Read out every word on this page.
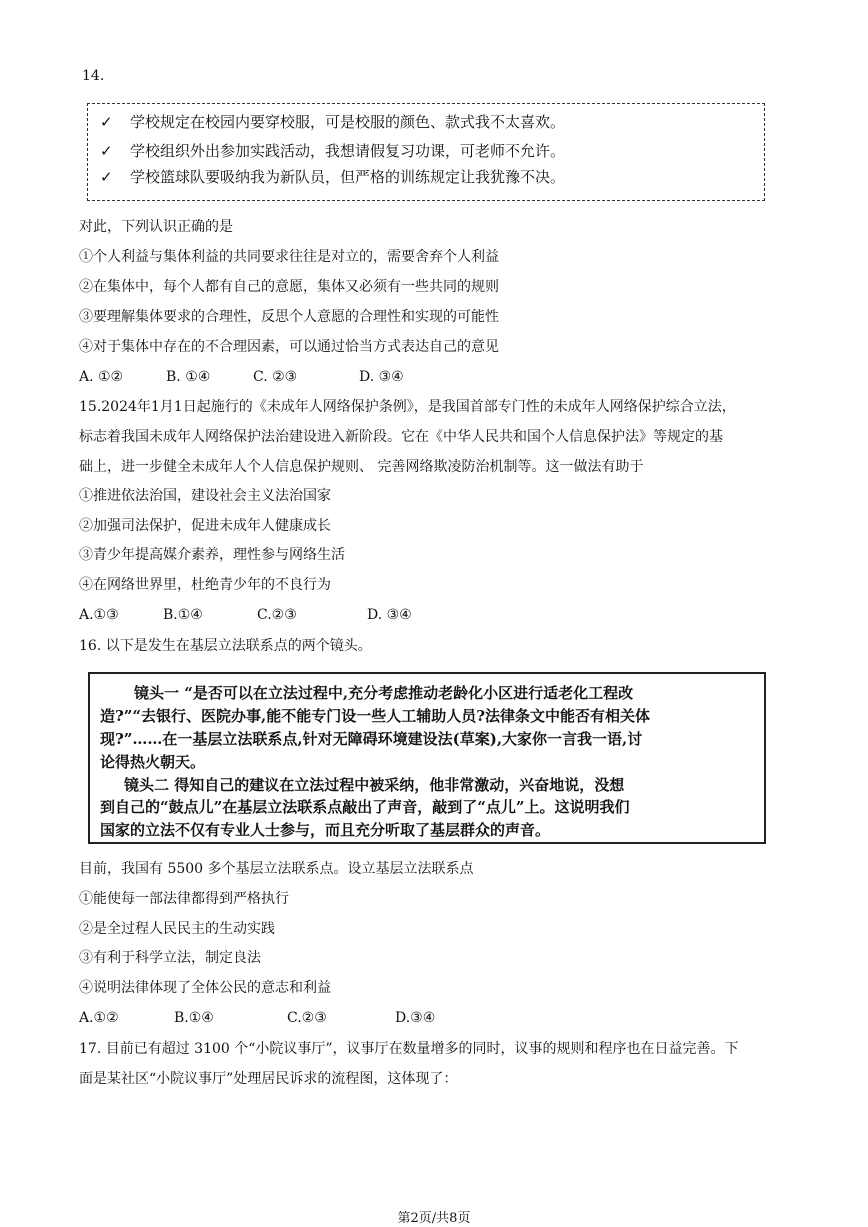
14.
✓ 学校规定在校园内要穿校服，可是校服的颜色、款式我不太喜欢。
✓ 学校组织外出参加实践活动，我想请假复习功课，可老师不允许。
✓ 学校篮球队要吸纳我为新队员，但严格的训练规定让我犹豫不决。
对此，下列认识正确的是
①个人利益与集体利益的共同要求往往是对立的，需要舍弃个人利益
②在集体中，每个人都有自己的意愿，集体又必须有一些共同的规则
③要理解集体要求的合理性，反思个人意愿的合理性和实现的可能性
④对于集体中存在的不合理因素，可以通过恰当方式表达自己的意见
A. ①②	B. ①④	C. ②③	D. ③④
15.2024年1月1日起施行的《未成年人网络保护条例》，是我国首部专门性的未成年人网络保护综合立法，
标志着我国未成年人网络保护法治建设进入新阶段。它在《中华人民共和国个人信息保护法》等规定的基
础上，进一步健全未成年人个人信息保护规则、 完善网络欺凌防治机制等。这一做法有助于
①推进依法治国，建设社会主义法治国家
②加强司法保护，促进未成年人健康成长
③青少年提高媒介素养，理性参与网络生活
④在网络世界里，杜绝青少年的不良行为
A.①③	B.①④	C.②③	D. ③④
16. 以下是发生在基层立法联系点的两个镜头。
镜头一 “是否可以在立法过程中,充分考虑推动老龄化小区进行适老化工程改
造?”“去银行、医院办事,能不能专门设一些人工辅助人员?法律条文中能否有相关体
现?”……在一基层立法联系点,针对无障碍环境建设法(草案),大家你一言我一语,讨
论得热火朝天。
镜头二 得知自己的建议在立法过程中被采纳，他非常激动，兴奋地说，没想
到自己的“鼓点儿”在基层立法联系点敲出了声音，敲到了“点儿”上。这说明我们
国家的立法不仅有专业人士参与，而且充分听取了基层群众的声音。
目前，我国有 5500 多个基层立法联系点。设立基层立法联系点
①能使每一部法律都得到严格执行
②是全过程人民民主的生动实践
③有利于科学立法，制定良法
④说明法律体现了全体公民的意志和利益
A.①②	B.①④	C.②③	D.③④
17. 目前已有超过 3100 个“小院议事厅”，议事厅在数量增多的同时，议事的规则和程序也在日益完善。下
面是某社区“小院议事厅”处理居民诉求的流程图，这体现了：
第2页/共8页
